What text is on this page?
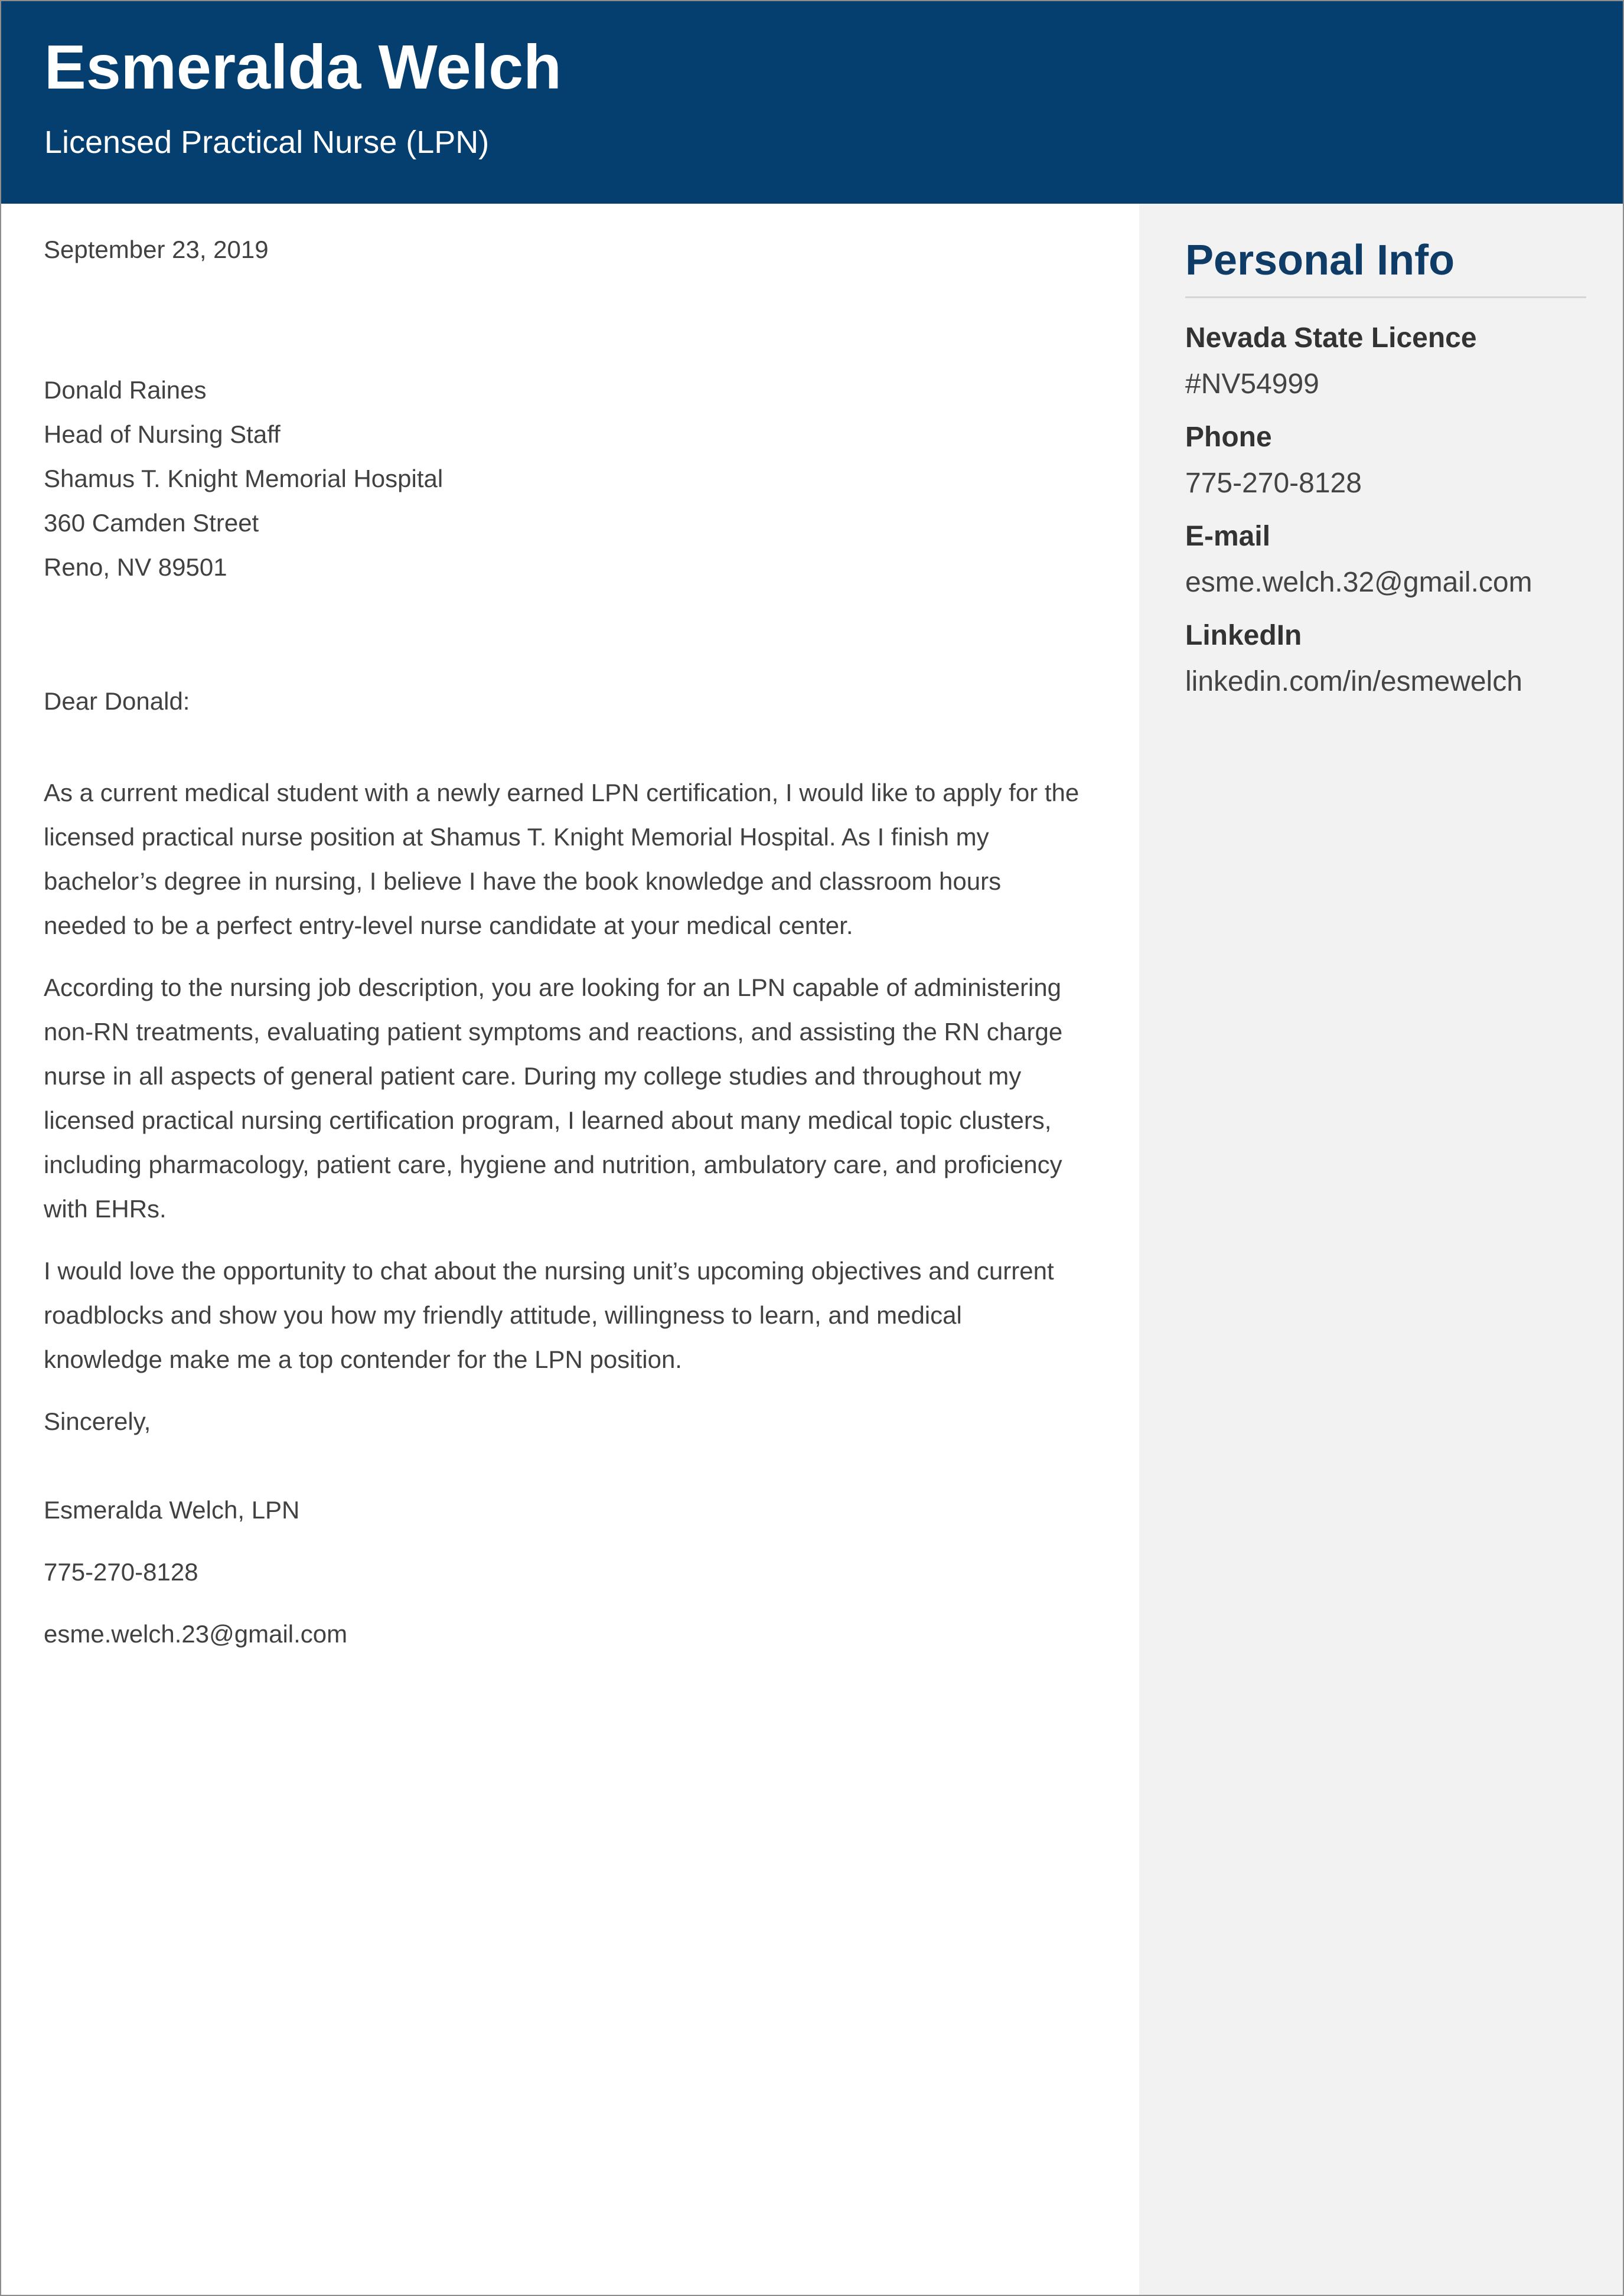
Esmeralda Welch
Licensed Practical Nurse (LPN)
Personal Info
Nevada State Licence
#NV54999
Phone
775-270-8128
E-mail
esme.welch.32@gmail.com
LinkedIn
linkedin.com/in/esmewelch
September 23, 2019
Donald Raines
Head of Nursing Staff
Shamus T. Knight Memorial Hospital
360 Camden Street
Reno, NV 89501
Dear Donald:
As a current medical student with a newly earned LPN certification, I would like to apply for the licensed practical nurse position at Shamus T. Knight Memorial Hospital. As I finish my bachelor’s degree in nursing, I believe I have the book knowledge and classroom hours needed to be a perfect entry-level nurse candidate at your medical center.
According to the nursing job description, you are looking for an LPN capable of administering non-RN treatments, evaluating patient symptoms and reactions, and assisting the RN charge nurse in all aspects of general patient care. During my college studies and throughout my licensed practical nursing certification program, I learned about many medical topic clusters, including pharmacology, patient care, hygiene and nutrition, ambulatory care, and proficiency with EHRs.
I would love the opportunity to chat about the nursing unit’s upcoming objectives and current roadblocks and show you how my friendly attitude, willingness to learn, and medical knowledge make me a top contender for the LPN position.
Sincerely,
Esmeralda Welch, LPN
775-270-8128
esme.welch.23@gmail.com
